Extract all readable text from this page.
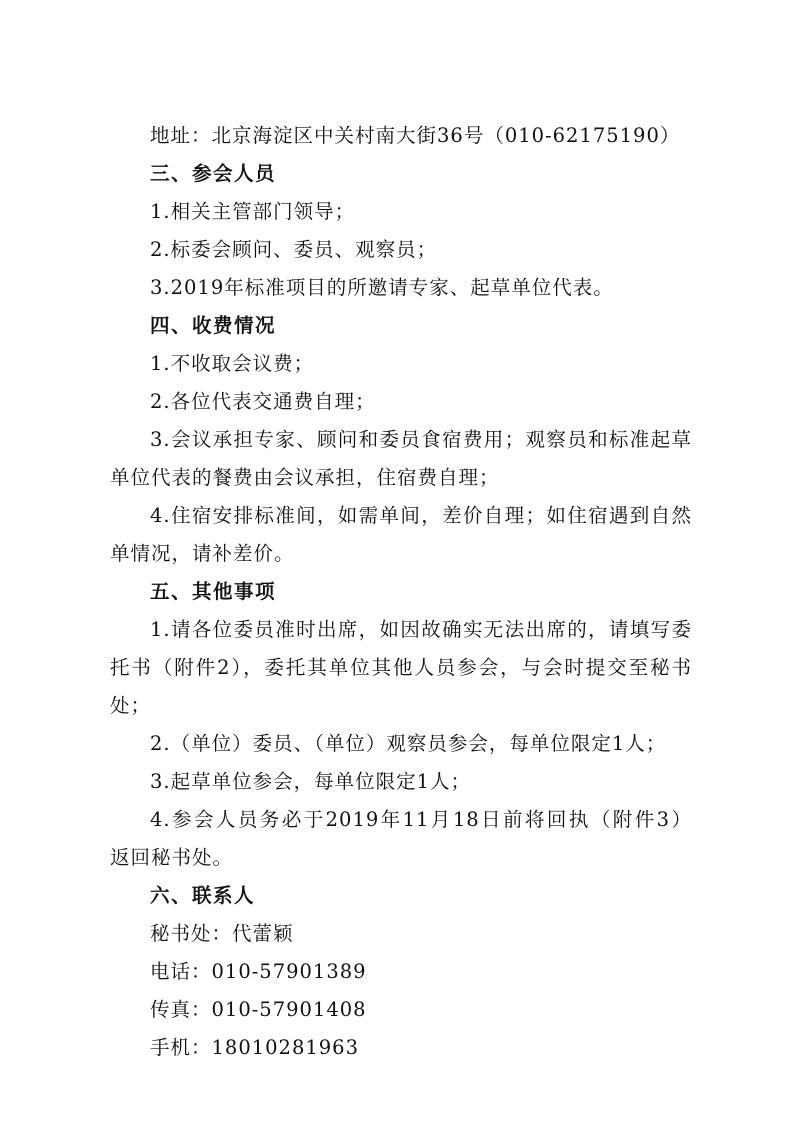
地址：北京海淀区中关村南大街36号（010-62175190）
三、参会人员
1.相关主管部门领导；
2.标委会顾问、委员、观察员；
3.2019年标准项目的所邀请专家、起草单位代表。
四、收费情况
1.不收取会议费；
2.各位代表交通费自理；
3.会议承担专家、顾问和委员食宿费用；观察员和标准起草
单位代表的餐费由会议承担，住宿费自理；
4.住宿安排标准间，如需单间，差价自理；如住宿遇到自然
单情况，请补差价。
五、其他事项
1.请各位委员准时出席，如因故确实无法出席的，请填写委
托书（附件2），委托其单位其他人员参会，与会时提交至秘书
处；
2.（单位）委员、（单位）观察员参会，每单位限定1人；
3.起草单位参会，每单位限定1人；
4.参会人员务必于2019年11月18日前将回执（附件3）
返回秘书处。
六、联系人
秘书处：代蕾颖
电话：010-57901389
传真：010-57901408
手机：18010281963
